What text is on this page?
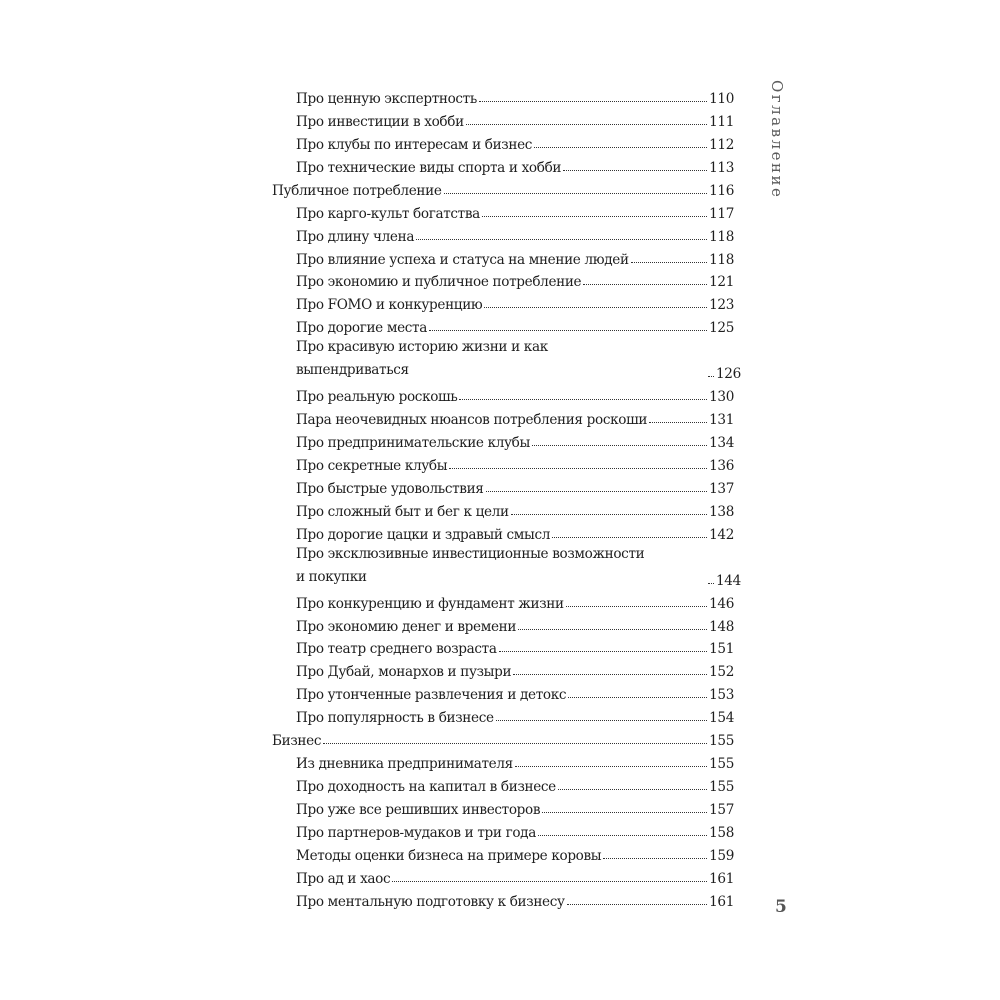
Про ценную экспертность	110
Про инвестиции в хобби	111
Про клубы по интересам и бизнес	112
Про технические виды спорта и хобби	113
Публичное потребление	116
Про карго-культ богатства	117
Про длину члена	118
Про влияние успеха и статуса на мнение людей	118
Про экономию и публичное потребление	121
Про FOMO и конкуренцию	123
Про дорогие места	125
Про красивую историю жизни и как
выпендриваться	126
Про реальную роскошь	130
Пара неочевидных нюансов потребления роскоши	131
Про предпринимательские клубы	134
Про секретные клубы	136
Про быстрые удовольствия	137
Про сложный быт и бег к цели	138
Про дорогие цацки и здравый смысл	142
Про эксклюзивные инвестиционные возможности
и покупки	144
Про конкуренцию и фундамент жизни	146
Про экономию денег и времени	148
Про театр среднего возраста	151
Про Дубай, монархов и пузыри	152
Про утонченные развлечения и детокс	153
Про популярность в бизнесе	154
Бизнес	155
Из дневника предпринимателя	155
Про доходность на капитал в бизнесе	155
Про уже все решивших инвесторов	157
Про партнеров-мудаков и три года	158
Методы оценки бизнеса на примере коровы	159
Про ад и хаос	161
Про ментальную подготовку к бизнесу	161
Оглавление
5
